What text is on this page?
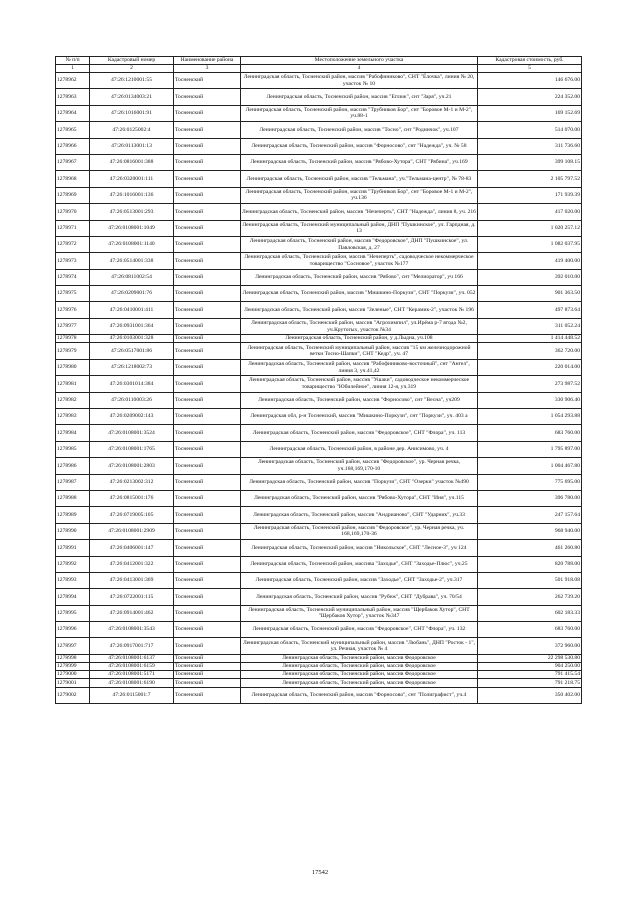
№ п/п	Кадастровый номер	Наименование района	Местоположение земельного участка	Кадастровая стоимость, руб.
1	2	3	4	5
1278962	47:26:1210001:55	Тосненский	Ленинградская область, Тосненский район, массив "Рабофиниково", СНТ "Ёлочка", линия № 20, участок № 10	146 676.00
1278963	47:26:0134003:21	Тосненский	Ленинградская область, Тосненский район, массив "Еглиж", снт "Заря", уч.21	224 352.00
1278964	47:26:1016001:91	Тосненский	Ленинградская область, Тосненский район, массив "Трубников Бор", снт "Боровое М-1 и М-2", уч.88-1	169 152.69
1278965	47:26:0125002:4	Тосненский	Ленинградская область, Тосненский район, массив "Тосно", снт "Родничок", уч.107	514 070.00
1278966	47:26:0113001:13	Тосненский	Ленинградская область, Тосненский район, массив "Форносово", снт "Надежда", уч. № 58	311 736.60
1278967	47:26:0816001:388	Тосненский	Ленинградская область, Тосненский район, массив "Рябово-Хутора", СНТ "Рябина", уч.169	399 108.15
1278968	47:26:0320001:111	Тосненский	Ленинградская область, Тосненский район, массив "Тельмана", уч."Тельмана-центр", № 78-83	2 105 797.52
1278969	47:26:1016001:136	Тосненский	Ленинградская область, Тосненский район, массив "Трубников Бор", снт "Боровое М-1 и М-2", уч.136	171 939.39
1278970	47:26:0513001:293	Тосненский	Ленинградская область, Тосненский район, массив "Нечеперть", СНТ "Надежда", линия 8, уч. 216	417 020.00
1278971	47:26:0108001:1049	Тосненский	Ленинградская область, Тосненский муниципальный район, ДНП "Пушкинское", ул. Гарпдная, д. 13	1 020 257.12
1278972	47:26:0108001:1140	Тосненский	Ленинградская область, Тосненский район, массив "Федоровское", ДНП "Пушкинское", ул. Павловская, д. 27	1 082 037.95
1278973	47:26:0514001:338	Тосненский	Ленинградская область, Тосненский район, массив "Нечеперть", садоводческое некоммерческое товарищество "Сосновое", участок №177	419 400.00
1278974	47:26:0811002:54	Тосненский	Ленинградская область, Тосненский район, массив "Рябово", снт "Мелиоратор", уч 166	392 010.00
1278975	47:26:0209001:76	Тосненский	Ленинградская область, Тосненский район, массив "Мишкино-Поркузи", СНТ "Поркузи", уч. 052	901 363.50
1278976	47:26:0410001:411	Тосненский	Ленинградская область, Тосненский район, массив "Зеленые", СНТ "Керамик-2", участок № 196	497 873.64
1278977	47:26:0931001:364	Тосненский	Ленинградская область, Тосненский район, массив "Агрохимпил", ул.Ирёма р-7 ягода №2, уч.Крутогых, участок №34	311 052.24
1278978	47:26:0103001:328	Тосненский	Ленинградская область, Тосненский район, у д.Лыдна, уч.108	1 414 448.52
1278979	47:26:0517001:86	Тосненский	Ленинградская область, Тосненский муниципальный район, массив "15 км железнодорожной ветки Тосно-Шапки", СНТ "Кедр", уч. 47	362 720.00
1278980	47:26:1218002:73	Тосненский	Ленинградская область, Тосненский район, массив "Рабофиниково-восточный", снт "Ангел", линия 3, уч.41,42	220 014.00
1278981	47:26:0301014:384	Тосненский	Ленинградская область, Тосненский район, массив "Ушаки", садоводческое некоммерческое товарищество "Юбилейное", линия 12-я, уч.319	273 987.52
1278982	47:26:0110003:26	Тосненский	Ленинградская область, Тосненский район, массив "Форносово", снт "Весна", уч209	330 906.40
1278983	47:26:0209002:143	Тосненский	Ленинградская обл, р-н Тосненский, массив "Мишкино-Поркузи", снт "Поркузи", уч. 403 а	1 054 293.88
1278984	47:26:0108001:3524	Тосненский	Ленинградская область, Тосненский район, массив "Федоровское", СНТ "Флора", уч. 113	683 760.00
1278985	47:26:0108001:1765	Тосненский	Ленинградская область, Тосненский район, в районе дер. Анисимово, уч. 4	1 795 897.00
1278986	47:26:0108001:2803	Тосненский	Ленинградская область, Тосненский район, массив "Федоровское", ур. Черная речка, уч.168,169,170-10	1 004 467.80
1278987	47:26:0213002:312	Тосненский	Ленинградская область, Тосненский район, массив "Поркузи", СНТ "Озерки" участок №490	775 695.00
1278988	47:26:0815001:176	Тосненский	Ленинградская область, Тосненский район, массив "Рябово-Хутора", СНТ "Иня", уч.115	396 780.00
1278989	47:26:0719005:105	Тосненский	Ленинградская область, Тосненский район, массив "Андрианово", СНТ "Ударник", уч.33	247 157.64
1278990	47:26:0108001:2909	Тосненский	Ленинградская область, Тосненский район, массив "Федоровское", ур. Черная речка, уч. 168,169,170-36	968 940.00
1278991	47:26:0406001:147	Тосненский	Ленинградская область, Тосненский район, массив "Никольское", СНТ "Лесное-3", уч 124	461 260.80
1278992	47:26:0412001:322	Тосненский	Ленинградская область, Тосненский район, массива "Заходье", СНТ "Заходье-Плюс", уч.25	820 788.00
1278993	47:26:0413001:369	Тосненский	Ленинградская область, Тосненский район, массив "Заходье", СНТ "Заходье-2", уч.317	501 918.08
1278994	47:26:0722001:115	Тосненский	Ленинградская область, Тосненский район, массив "Рубеж", СНТ "Дубрава", уч. 70/54	262 739.20
1278995	47:26:0914001:462	Тосненский	Ленинградская область, Тосненский муниципальный район, массив "Щербаков Хутор", СНТ "Щербаков Хутор", участок №347	602 183.33
1278996	47:26:0108001:3543	Тосненский	Ленинградская область, Тосненский район, массив "Федоровское", СНТ "Флора", уч. 132	683 760.00
1278997	47:26:0917001:717	Тосненский	Ленинградская область, Тосненский муниципальный район, массив "Любань", ДНП "Росток - 1", ул. Речная, участок № 4	372 960.00
1278998	47:26:0108001:6137	Тосненский	Ленинградская область, Тосненский район, массив Федоровское	22 298 530.80
1278999	47:26:0108001:6159	Тосненский	Ленинградская область, Тосненский район, массив Федоровское	904 250.00
1279000	47:26:0108001:5171	Тосненский	Ленинградская область, Тосненский район, массив Федоровское	791 415.54
1279001	47:26:0108001:6190	Тосненский	Ленинградская область, Тосненский район, массив Федоровское	791 218.75
1279002	47:26:0115001:7	Тосненский	Ленинградская область, Тосненский район, массив "Форносово", снт "Полиграфист", уч.4	350 402.00
17542
